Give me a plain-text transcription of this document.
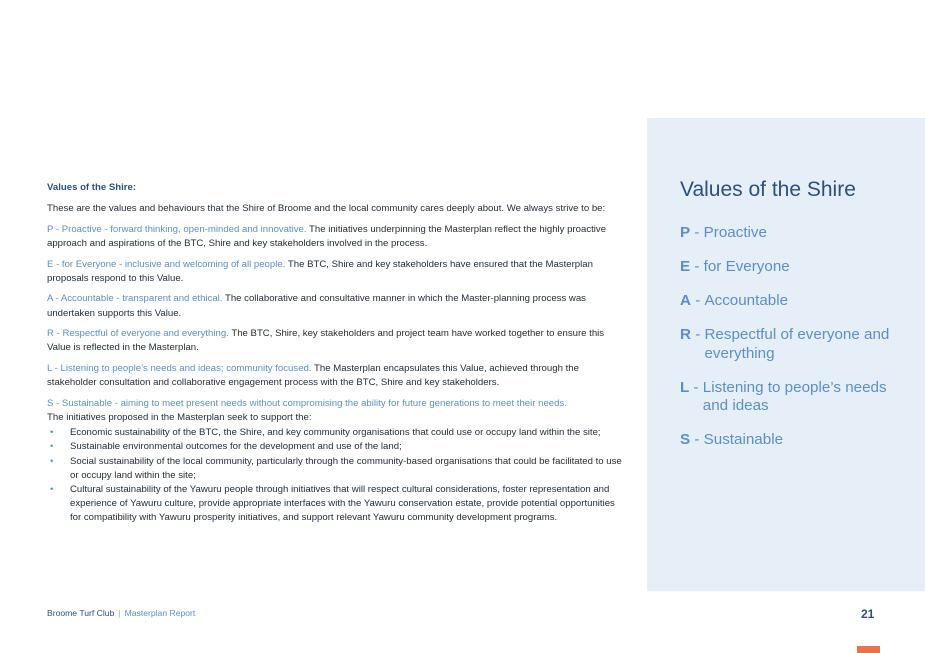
Values of the Shire:

These are the values and behaviours that the Shire of Broome and the local community cares deeply about. We always strive to be:

P - Proactive - forward thinking, open-minded and innovative. The initiatives underpinning the Masterplan reflect the highly proactive approach and aspirations of the BTC, Shire and key stakeholders involved in the process.

E - for Everyone - inclusive and welcoming of all people. The BTC, Shire and key stakeholders have ensured that the Masterplan proposals respond to this Value.

A - Accountable - transparent and ethical. The collaborative and consultative manner in which the Master-planning process was undertaken supports this Value.

R - Respectful of everyone and everything. The BTC, Shire, key stakeholders and project team have worked together to ensure this Value is reflected in the Masterplan.

L - Listening to people’s needs and ideas; community focused. The Masterplan encapsulates this Value, achieved through the stakeholder consultation and collaborative engagement process with the BTC, Shire and key stakeholders.

S - Sustainable - aiming to meet present needs without compromising the ability for future generations to meet their needs.
The initiatives proposed in the Masterplan seek to support the:

• Economic sustainability of the BTC, the Shire, and key community organisations that could use or occupy land within the site;
• Sustainable environmental outcomes for the development and use of the land;
• Social sustainability of the local community, particularly through the community-based organisations that could be facilitated to use or occupy land within the site;
• Cultural sustainability of the Yawuru people through initiatives that will respect cultural considerations, foster representation and experience of Yawuru culture, provide appropriate interfaces with the Yawuru conservation estate, provide potential opportunities for compatibility with Yawuru prosperity initiatives, and support relevant Yawuru community development programs.
Values of the Shire
P - Proactive
E - for Everyone
A - Accountable
R - Respectful of everyone and everything
L - Listening to people’s needs and ideas
S - Sustainable
Broome Turf Club | Masterplan Report	21
